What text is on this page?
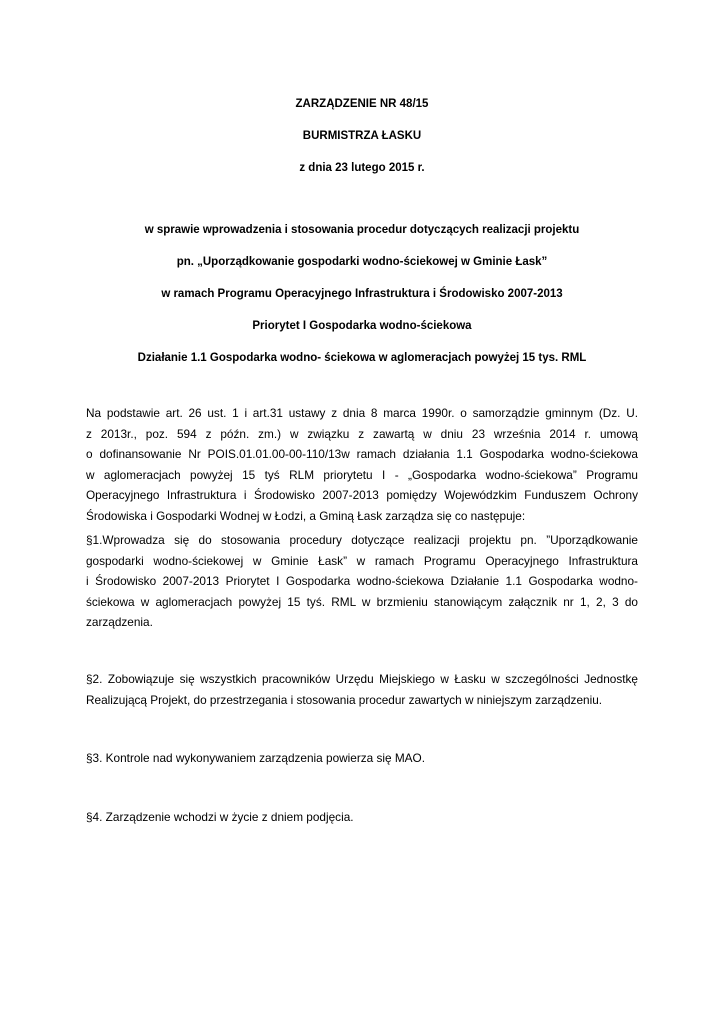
ZARZĄDZENIE NR 48/15
BURMISTRZA ŁASKU
z dnia 23 lutego 2015 r.
w sprawie wprowadzenia i stosowania procedur dotyczących realizacji projektu
pn. „Uporządkowanie gospodarki wodno-ściekowej w Gminie Łask”
w ramach Programu Operacyjnego Infrastruktura i Środowisko 2007-2013
Priorytet I Gospodarka wodno-ściekowa
Działanie 1.1 Gospodarka wodno- ściekowa w aglomeracjach powyżej 15 tys. RML
Na podstawie art. 26 ust. 1 i art.31 ustawy z dnia 8 marca 1990r. o samorządzie gminnym (Dz. U.
z 2013r., poz. 594 z późn. zm.) w związku z zawartą w dniu 23 września 2014 r. umową
o dofinansowanie Nr POIS.01.01.00-00-110/13w ramach działania 1.1 Gospodarka wodno-ściekowa
w aglomeracjach powyżej 15 tyś RLM priorytetu I - „Gospodarka wodno-ściekowa” Programu
Operacyjnego Infrastruktura i Środowisko 2007-2013 pomiędzy Wojewódzkim Funduszem Ochrony
Środowiska i Gospodarki Wodnej w Łodzi, a Gminą Łask zarządza się co następuje:
§1.Wprowadza się do stosowania procedury dotyczące realizacji projektu pn. ”Uporządkowanie
gospodarki wodno-ściekowej w Gminie Łask” w ramach Programu Operacyjnego Infrastruktura
i Środowisko 2007-2013 Priorytet I Gospodarka wodno-ściekowa Działanie 1.1 Gospodarka wodno-
ściekowa w aglomeracjach powyżej 15 tyś. RML w brzmieniu stanowiącym załącznik nr 1, 2, 3 do
zarządzenia.
§2. Zobowiązuje się wszystkich pracowników Urzędu Miejskiego w Łasku w szczególności Jednostkę
Realizującą Projekt, do przestrzegania i stosowania procedur zawartych w niniejszym zarządzeniu.
§3. Kontrole nad wykonywaniem zarządzenia powierza się MAO.
§4. Zarządzenie wchodzi w życie z dniem podjęcia.
